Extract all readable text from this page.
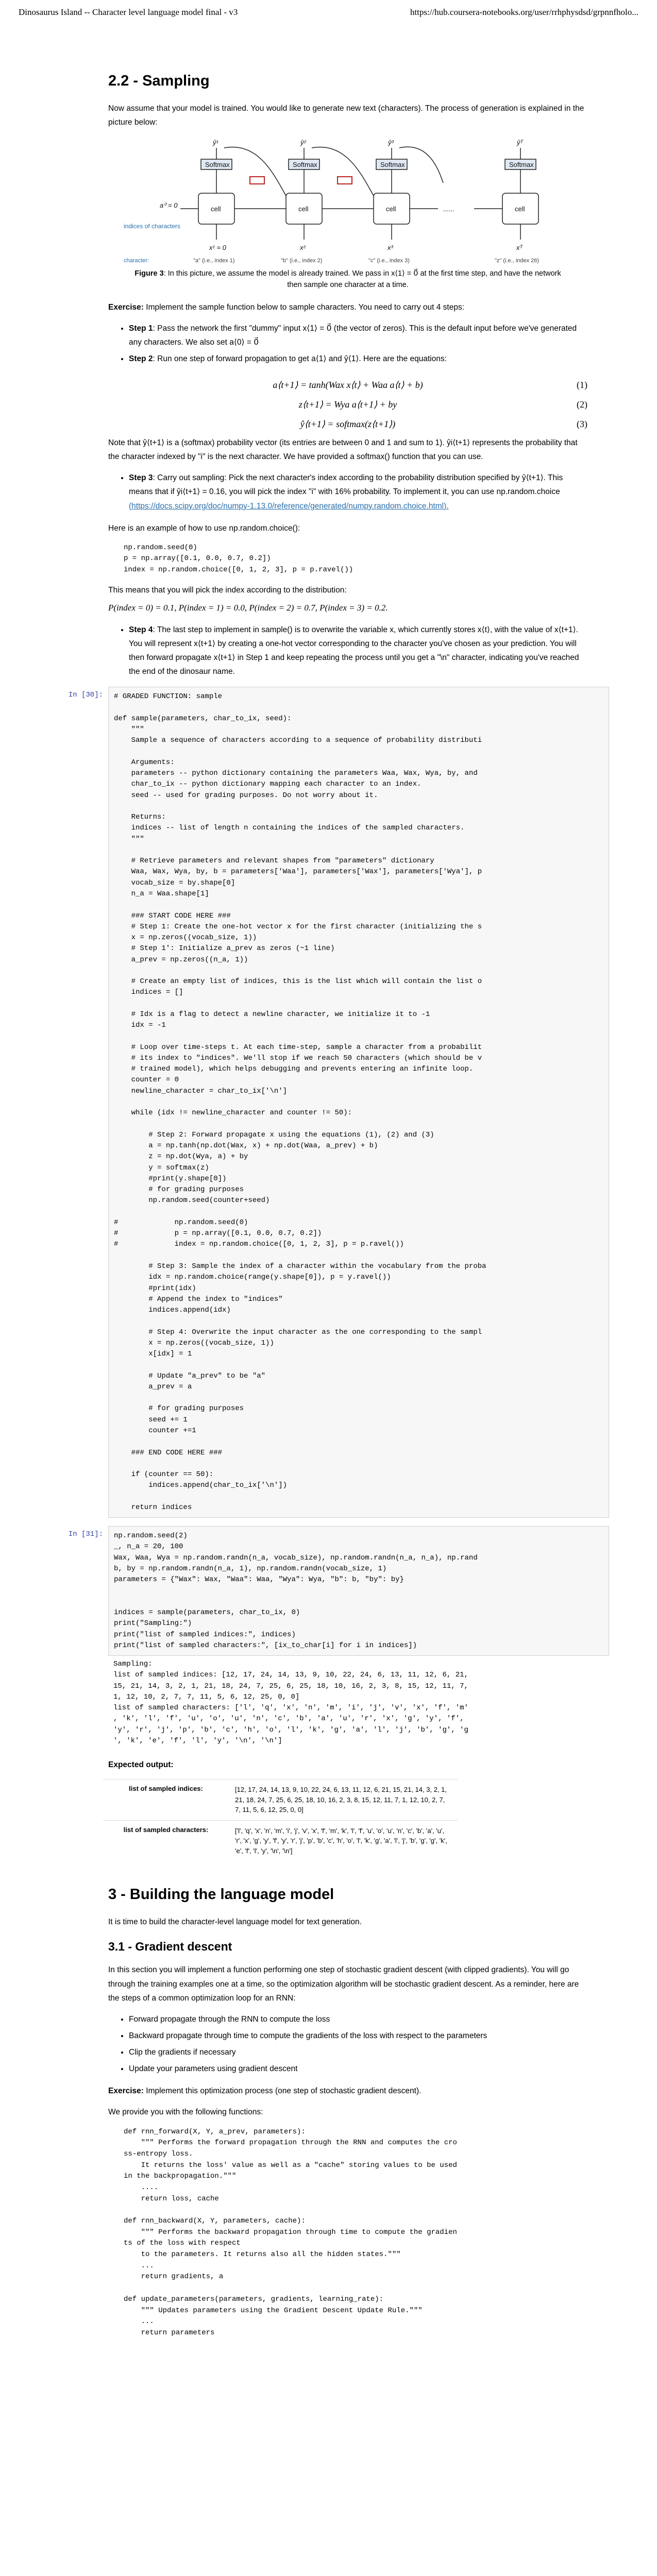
Dinosaurus Island -- Character level language model final - v3	https://hub.coursera-notebooks.org/user/rrhphysdsd/grpnnfholo...
2.2 - Sampling

Now assume that your model is trained. You would like to generate new text (characters). The process of generation is explained in the picture below:

Softmax	Softmax	Softmax	Softmax
cell	cell	cell	cell
......
ŷ¹	ŷ²	ŷ³	ŷᵀ
a⁰ = 0
x¹ = 0	x²	x³	xᵀ
indices of characters
character:	"a" (i.e., index 1)	"b" (i.e., index 2)	"c" (i.e., index 3)	"z" (i.e., index 26)
Figure 3: In this picture, we assume the model is already trained. We pass in x⟨1⟩ = 0⃗ at the first time step, and have the network then sample one character at a time.

Exercise: Implement the sample function below to sample characters. You need to carry out 4 steps:

• Step 1: Pass the network the first "dummy" input x⟨1⟩ = 0⃗ (the vector of zeros). This is the default input before we've generated any characters. We also set a⟨0⟩ = 0⃗
• Step 2: Run one step of forward propagation to get a⟨1⟩ and ŷ⟨1⟩. Here are the equations:
a⟨t+1⟩ = tanh(Wax x⟨t⟩ + Waa a⟨t⟩ + b)	(1)
z⟨t+1⟩ = Wya a⟨t+1⟩ + by	(2)
ŷ⟨t+1⟩ = softmax(z⟨t+1⟩)	(3)

Note that ŷ⟨t+1⟩ is a (softmax) probability vector (its entries are between 0 and 1 and sum to 1). ŷi⟨t+1⟩ represents the probability that the character indexed by "i" is the next character. We have provided a softmax() function that you can use.

• Step 3: Carry out sampling: Pick the next character's index according to the probability distribution specified by ŷ⟨t+1⟩. This means that if ŷi⟨t+1⟩ = 0.16, you will pick the index "i" with 16% probability. To implement it, you can use np.random.choice (https://docs.scipy.org/doc/numpy-1.13.0/reference/generated/numpy.random.choice.html).

Here is an example of how to use np.random.choice():

np.random.seed(0)
p = np.array([0.1, 0.0, 0.7, 0.2])
index = np.random.choice([0, 1, 2, 3], p = p.ravel())

This means that you will pick the index according to the distribution:

P(index = 0) = 0.1, P(index = 1) = 0.0, P(index = 2) = 0.7, P(index = 3) = 0.2.

• Step 4: The last step to implement in sample() is to overwrite the variable x, which currently stores x⟨t⟩, with the value of x⟨t+1⟩. You will represent x⟨t+1⟩ by creating a one-hot vector corresponding to the character you've chosen as your prediction. You will then forward propagate x⟨t+1⟩ in Step 1 and keep repeating the process until you get a "\n" character, indicating you've reached the end of the dinosaur name.
In [30]:	# GRADED FUNCTION: sample

def sample(parameters, char_to_ix, seed):
"""
Sample a sequence of characters according to a sequence of probability distributi

Arguments:
parameters -- python dictionary containing the parameters Waa, Wax, Wya, by, and
char_to_ix -- python dictionary mapping each character to an index.
seed -- used for grading purposes. Do not worry about it.

Returns:
indices -- list of length n containing the indices of the sampled characters.
"""

# Retrieve parameters and relevant shapes from "parameters" dictionary
Waa, Wax, Wya, by, b = parameters['Waa'], parameters['Wax'], parameters['Wya'], p
vocab_size = by.shape[0]
n_a = Waa.shape[1]

### START CODE HERE ###
# Step 1: Create the one-hot vector x for the first character (initializing the s
x = np.zeros((vocab_size, 1))
# Step 1': Initialize a_prev as zeros (~1 line)
a_prev = np.zeros((n_a, 1))

# Create an empty list of indices, this is the list which will contain the list o
indices = []

# Idx is a flag to detect a newline character, we initialize it to -1
idx = -1

# Loop over time-steps t. At each time-step, sample a character from a probabilit
# its index to "indices". We'll stop if we reach 50 characters (which should be v
# trained model), which helps debugging and prevents entering an infinite loop.
counter = 0
newline_character = char_to_ix['\n']

while (idx != newline_character and counter != 50):

# Step 2: Forward propagate x using the equations (1), (2) and (3)
a = np.tanh(np.dot(Wax, x) + np.dot(Waa, a_prev) + b)
z = np.dot(Wya, a) + by
y = softmax(z)
#print(y.shape[0])
# for grading purposes
np.random.seed(counter+seed)

#             np.random.seed(0)
#             p = np.array([0.1, 0.0, 0.7, 0.2])
#             index = np.random.choice([0, 1, 2, 3], p = p.ravel())

# Step 3: Sample the index of a character within the vocabulary from the proba
idx = np.random.choice(range(y.shape[0]), p = y.ravel())
#print(idx)
# Append the index to "indices"
indices.append(idx)

# Step 4: Overwrite the input character as the one corresponding to the sampl
x = np.zeros((vocab_size, 1))
x[idx] = 1

# Update "a_prev" to be "a"
a_prev = a

# for grading purposes
seed += 1
counter +=1

### END CODE HERE ###

if (counter == 50):
indices.append(char_to_ix['\n'])

return indices
In [31]:	np.random.seed(2)
_, n_a = 20, 100
Wax, Waa, Wya = np.random.randn(n_a, vocab_size), np.random.randn(n_a, n_a), np.rand
b, by = np.random.randn(n_a, 1), np.random.randn(vocab_size, 1)
parameters = {"Wax": Wax, "Waa": Waa, "Wya": Wya, "b": b, "by": by}

indices = sample(parameters, char_to_ix, 0)
print("Sampling:")
print("list of sampled indices:", indices)
print("list of sampled characters:", [ix_to_char[i] for i in indices])
Sampling:
list of sampled indices: [12, 17, 24, 14, 13, 9, 10, 22, 24, 6, 13, 11, 12, 6, 21,
15, 21, 14, 3, 2, 1, 21, 18, 24, 7, 25, 6, 25, 18, 10, 16, 2, 3, 8, 15, 12, 11, 7,
1, 12, 10, 2, 7, 7, 11, 5, 6, 12, 25, 0, 0]
list of sampled characters: ['l', 'q', 'x', 'n', 'm', 'i', 'j', 'v', 'x', 'f', 'm'
, 'k', 'l', 'f', 'u', 'o', 'u', 'n', 'c', 'b', 'a', 'u', 'r', 'x', 'g', 'y', 'f',
'y', 'r', 'j', 'p', 'b', 'c', 'h', 'o', 'l', 'k', 'g', 'a', 'l', 'j', 'b', 'g', 'g
', 'k', 'e', 'f', 'l', 'y', '\n', '\n']

Expected output:

list of sampled indices:	[12, 17, 24, 14, 13, 9, 10, 22, 24, 6, 13, 11, 12, 6, 21, 15, 21, 14, 3, 2, 1, 21, 18, 24, 7, 25, 6, 25, 18, 10, 16, 2, 3, 8, 15, 12, 11, 7, 1, 12, 10, 2, 7, 7, 11, 5, 6, 12, 25, 0, 0]
list of sampled characters:	['l', 'q', 'x', 'n', 'm', 'i', 'j', 'v', 'x', 'f', 'm', 'k', 'l', 'f', 'u', 'o', 'u', 'n', 'c', 'b', 'a', 'u', 'r', 'x', 'g', 'y', 'f', 'y', 'r', 'j', 'p', 'b', 'c', 'h', 'o', 'l', 'k', 'g', 'a', 'l', 'j', 'b', 'g', 'g', 'k', 'e', 'f', 'l', 'y', '\n', '\n']
3 - Building the language model

It is time to build the character-level language model for text generation.

3.1 - Gradient descent

In this section you will implement a function performing one step of stochastic gradient descent (with clipped gradients). You will go through the training examples one at a time, so the optimization algorithm will be stochastic gradient descent. As a reminder, here are the steps of a common optimization loop for an RNN:

• Forward propagate through the RNN to compute the loss
• Backward propagate through time to compute the gradients of the loss with respect to the parameters
• Clip the gradients if necessary
• Update your parameters using gradient descent

Exercise: Implement this optimization process (one step of stochastic gradient descent).

We provide you with the following functions:

def rnn_forward(X, Y, a_prev, parameters):
""" Performs the forward propagation through the RNN and computes the cro
ss-entropy loss.
It returns the loss' value as well as a "cache" storing values to be used
in the backpropagation."""
....
return loss, cache

def rnn_backward(X, Y, parameters, cache):
""" Performs the backward propagation through time to compute the gradien
ts of the loss with respect
to the parameters. It returns also all the hidden states."""
...
return gradients, a

def update_parameters(parameters, gradients, learning_rate):
""" Updates parameters using the Gradient Descent Update Rule."""
...
return parameters
